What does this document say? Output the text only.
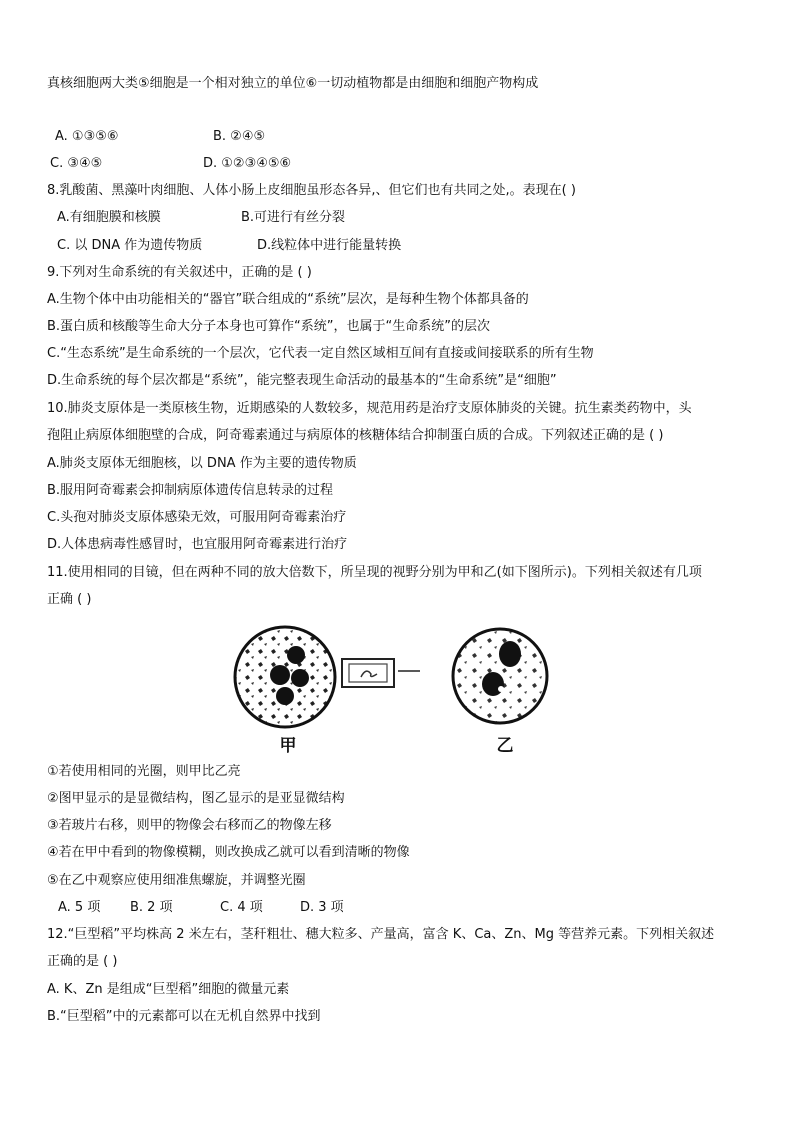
真核细胞两大类⑤细胞是一个相对独立的单位⑥一切动植物都是由细胞和细胞产物构成
A. ①③⑤⑥	B. ②④⑤
C. ③④⑤	D. ①②③④⑤⑥
8.乳酸菌、黑藻叶肉细胞、人体小肠上皮细胞虽形态各异,、但它们也有共同之处,。表现在( )
A.有细胞膜和核膜	B.可进行有丝分裂
C. 以 DNA 作为遗传物质	D.线粒体中进行能量转换
9.下列对生命系统的有关叙述中，正确的是 ( )
A.生物个体中由功能相关的“器官”联合组成的“系统”层次，是每种生物个体都具备的
B.蛋白质和核酸等生命大分子本身也可算作“系统”，也属于“生命系统”的层次
C.“生态系统”是生命系统的一个层次，它代表一定自然区域相互间有直接或间接联系的所有生物
D.生命系统的每个层次都是“系统”，能完整表现生命活动的最基本的“生命系统”是“细胞”
10.肺炎支原体是一类原核生物，近期感染的人数较多，规范用药是治疗支原体肺炎的关键。抗生素类药物中，头
孢阻止病原体细胞壁的合成，阿奇霉素通过与病原体的核糖体结合抑制蛋白质的合成。下列叙述正确的是 ( )
A.肺炎支原体无细胞核，以 DNA 作为主要的遗传物质
B.服用阿奇霉素会抑制病原体遗传信息转录的过程
C.头孢对肺炎支原体感染无效，可服用阿奇霉素治疗
D.人体患病毒性感冒时，也宜服用阿奇霉素进行治疗
11.使用相同的目镜，但在两种不同的放大倍数下，所呈现的视野分别为甲和乙(如下图所示)。下列相关叙述有几项
正确 ( )
甲	乙
①若使用相同的光圈，则甲比乙亮
②图甲显示的是显微结构，图乙显示的是亚显微结构
③若玻片右移，则甲的物像会右移而乙的物像左移
④若在甲中看到的物像模糊，则改换成乙就可以看到清晰的物像
⑤在乙中观察应使用细准焦螺旋，并调整光圈
A. 5 项 B. 2 项	C. 4 项	D. 3 项
12.“巨型稻”平均株高 2 米左右，茎秆粗壮、穗大粒多、产量高，富含 K、Ca、Zn、Mg 等营养元素。下列相关叙述
正确的是 ( )
A. K、Zn 是组成“巨型稻”细胞的微量元素
B.“巨型稻”中的元素都可以在无机自然界中找到
